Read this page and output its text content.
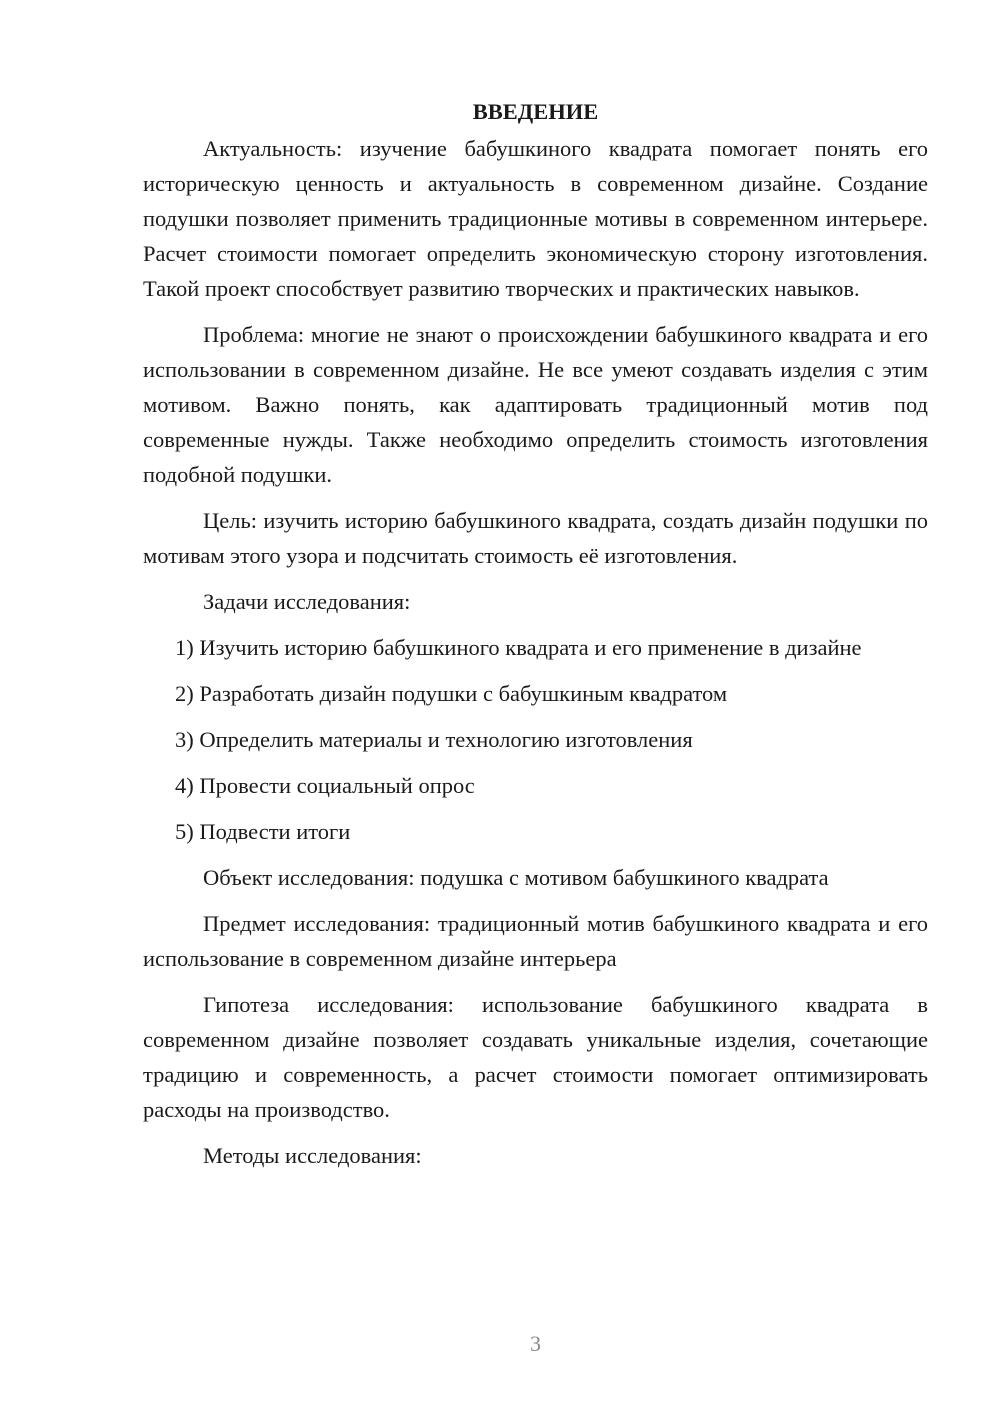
ВВЕДЕНИЕ

Актуальность: изучение бабушкиного квадрата помогает понять его историческую ценность и актуальность в современном дизайне. Создание подушки позволяет применить традиционные мотивы в современном интерьере. Расчет стоимости помогает определить экономическую сторону изготовления. Такой проект способствует развитию творческих и практических навыков.

Проблема: многие не знают о происхождении бабушкиного квадрата и его использовании в современном дизайне. Не все умеют создавать изделия с этим мотивом. Важно понять, как адаптировать традиционный мотив под современные нужды. Также необходимо определить стоимость изготовления подобной подушки.

Цель: изучить историю бабушкиного квадрата, создать дизайн подушки по мотивам этого узора и подсчитать стоимость её изготовления.

Задачи исследования:

1) Изучить историю бабушкиного квадрата и его применение в дизайне

2) Разработать дизайн подушки с бабушкиным квадратом

3) Определить материалы и технологию изготовления

4) Провести социальный опрос

5) Подвести итоги

Объект исследования: подушка с мотивом бабушкиного квадрата

Предмет исследования: традиционный мотив бабушкиного квадрата и его использование в современном дизайне интерьера

Гипотеза исследования: использование бабушкиного квадрата в современном дизайне позволяет создавать уникальные изделия, сочетающие традицию и современность, а расчет стоимости помогает оптимизировать расходы на производство.

Методы исследования:

3
